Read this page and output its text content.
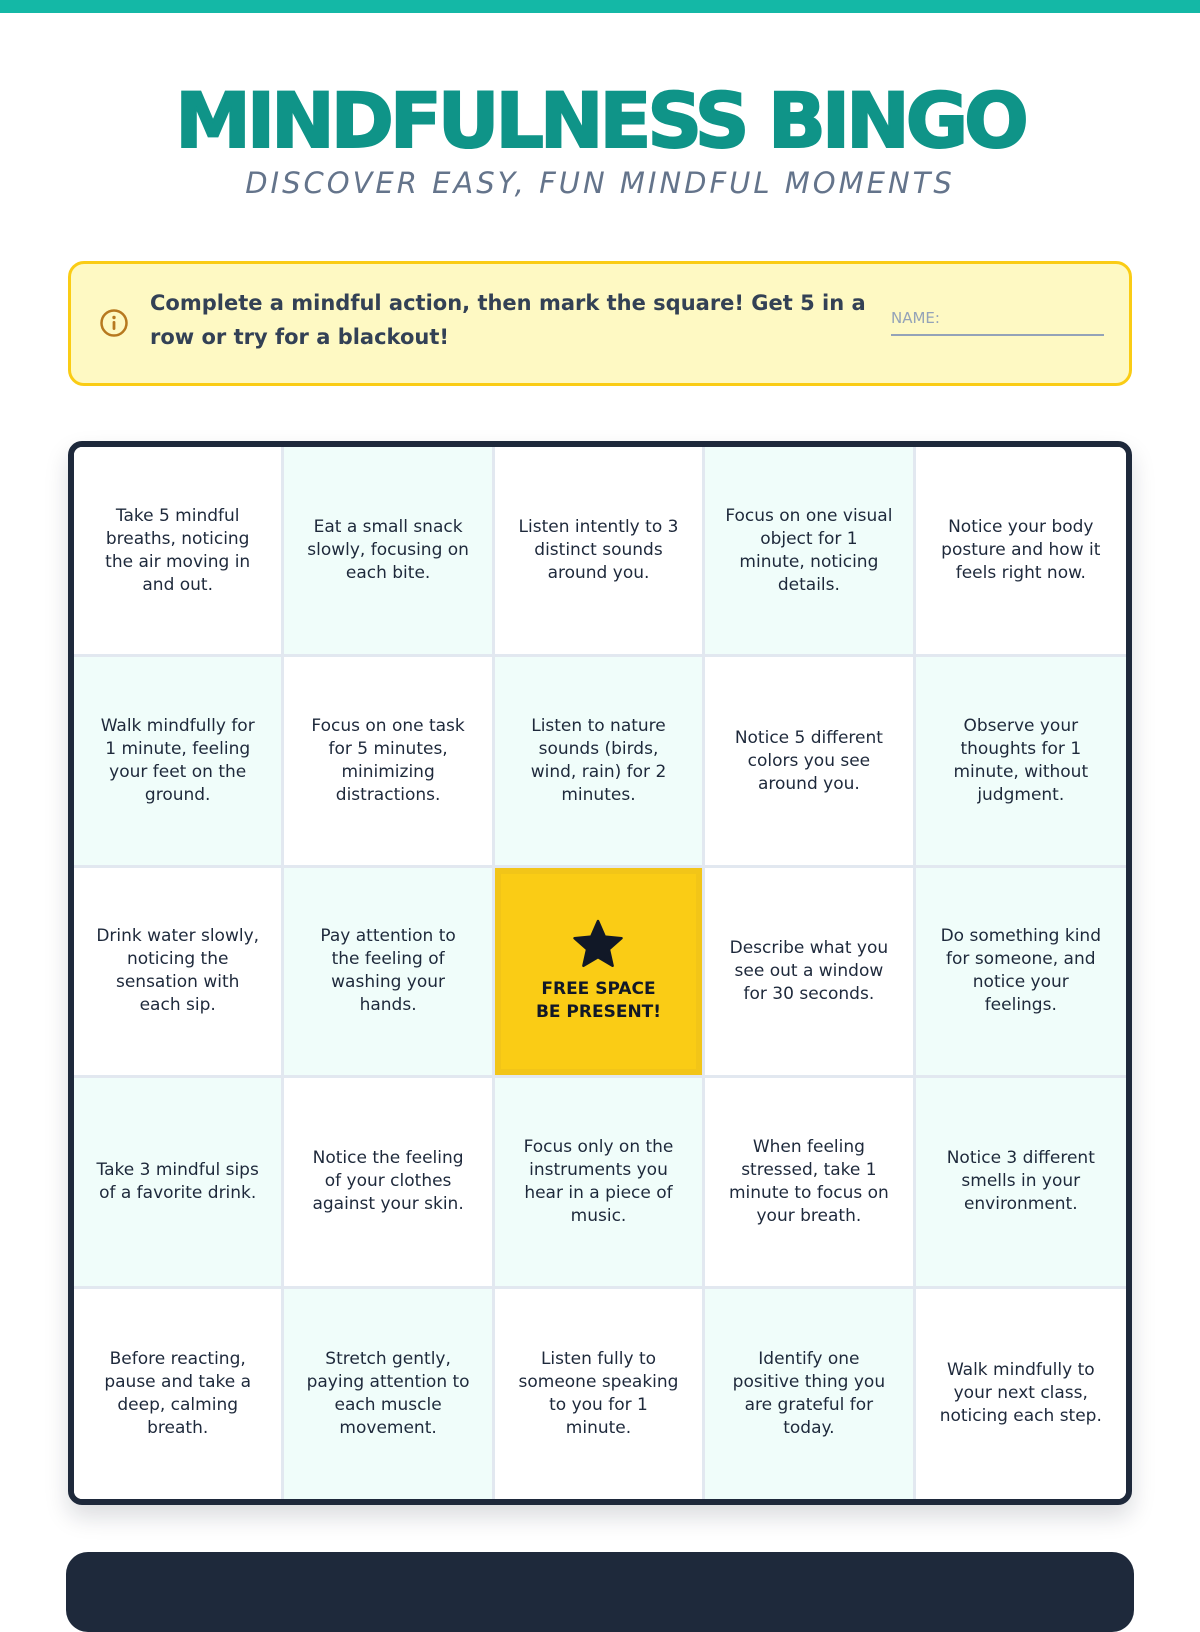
MINDFULNESS BINGO
DISCOVER EASY, FUN MINDFUL MOMENTS
Complete a mindful action, then mark the square! Get 5 in a row or try for a blackout!
NAME:
Take 5 mindful breaths, noticing the air moving in and out.
Eat a small snack slowly, focusing on each bite.
Listen intently to 3 distinct sounds around you.
Focus on one visual object for 1 minute, noticing details.
Notice your body posture and how it feels right now.
Walk mindfully for 1 minute, feeling your feet on the ground.
Focus on one task for 5 minutes, minimizing distractions.
Listen to nature sounds (birds, wind, rain) for 2 minutes.
Notice 5 different colors you see around you.
Observe your thoughts for 1 minute, without judgment.
Drink water slowly, noticing the sensation with each sip.
Pay attention to the feeling of washing your hands.
FREE SPACE
BE PRESENT!
Describe what you see out a window for 30 seconds.
Do something kind for someone, and notice your feelings.
Take 3 mindful sips of a favorite drink.
Notice the feeling of your clothes against your skin.
Focus only on the instruments you hear in a piece of music.
When feeling stressed, take 1 minute to focus on your breath.
Notice 3 different smells in your environment.
Before reacting, pause and take a deep, calming breath.
Stretch gently, paying attention to each muscle movement.
Listen fully to someone speaking to you for 1 minute.
Identify one positive thing you are grateful for today.
Walk mindfully to your next class, noticing each step.
